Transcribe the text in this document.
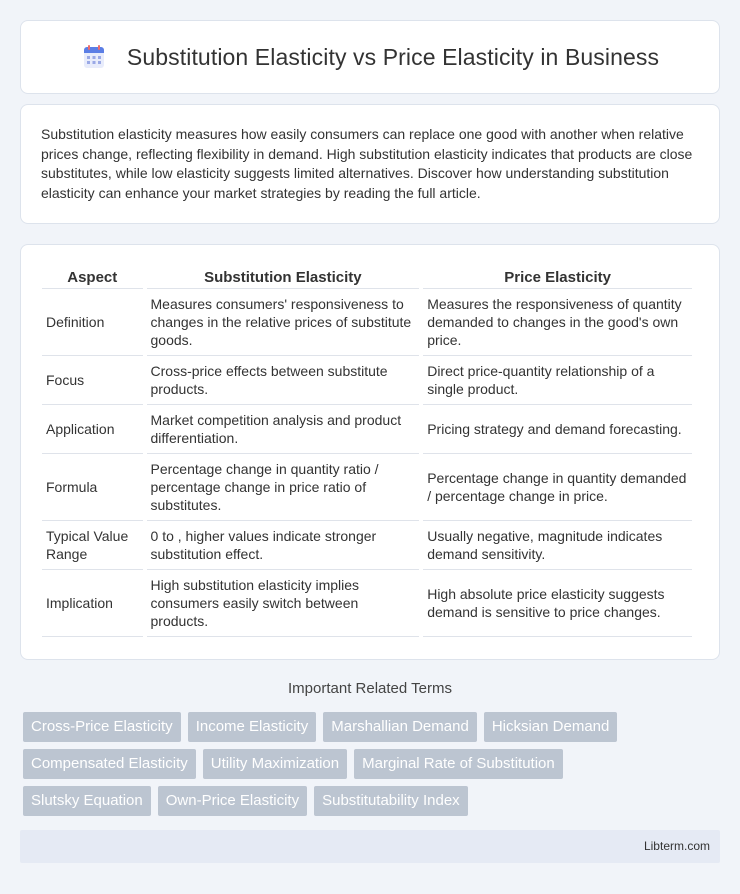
Substitution Elasticity vs Price Elasticity in Business

Substitution elasticity measures how easily consumers can replace one good with another when relative prices change, reflecting flexibility in demand. High substitution elasticity indicates that products are close substitutes, while low elasticity suggests limited alternatives. Discover how understanding substitution elasticity can enhance your market strategies by reading the full article.

Aspect	Substitution Elasticity	Price Elasticity
Definition	Measures consumers' responsiveness to changes in the relative prices of substitute goods.	Measures the responsiveness of quantity demanded to changes in the good's own price.
Focus	Cross-price effects between substitute products.	Direct price-quantity relationship of a single product.
Application	Market competition analysis and product differentiation.	Pricing strategy and demand forecasting.
Formula	Percentage change in quantity ratio / percentage change in price ratio of substitutes.	Percentage change in quantity demanded / percentage change in price.
Typical Value Range	0 to , higher values indicate stronger substitution effect.	Usually negative, magnitude indicates demand sensitivity.
Implication	High substitution elasticity implies consumers easily switch between products.	High absolute price elasticity suggests demand is sensitive to price changes.
Important Related Terms
Cross-Price Elasticity	Income Elasticity	Marshallian Demand	Hicksian Demand
Compensated Elasticity	Utility Maximization	Marginal Rate of Substitution
Slutsky Equation	Own-Price Elasticity	Substitutability Index
Libterm.com
